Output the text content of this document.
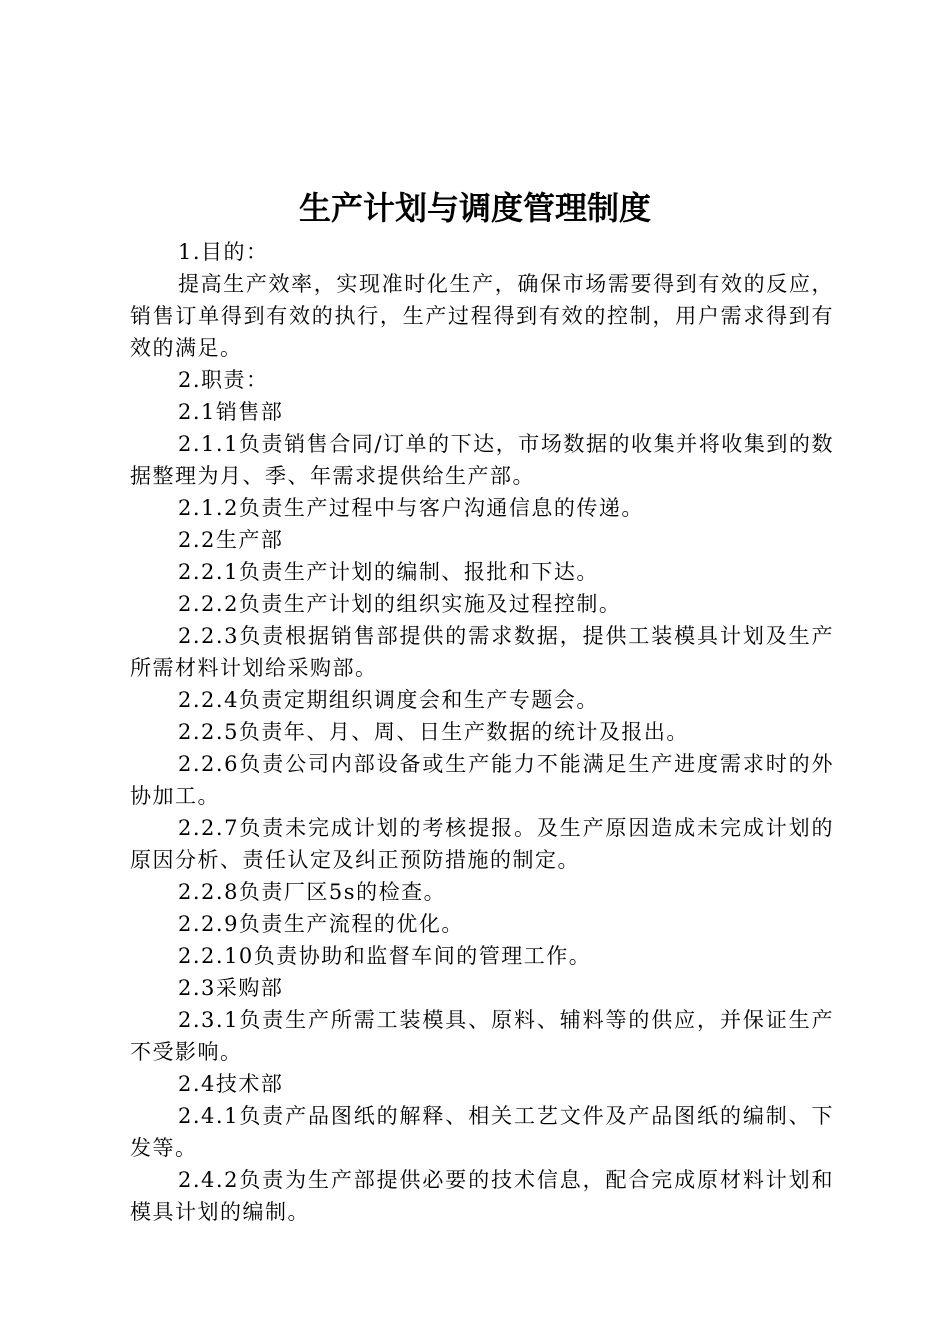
生产计划与调度管理制度

1.目的：

提高生产效率，实现准时化生产，确保市场需要得到有效的反应，销售订单得到有效的执行，生产过程得到有效的控制，用户需求得到有效的满足。

2.职责：

2.1销售部

2.1.1负责销售合同/订单的下达，市场数据的收集并将收集到的数据整理为月、季、年需求提供给生产部。

2.1.2负责生产过程中与客户沟通信息的传递。

2.2生产部

2.2.1负责生产计划的编制、报批和下达。

2.2.2负责生产计划的组织实施及过程控制。

2.2.3负责根据销售部提供的需求数据，提供工装模具计划及生产所需材料计划给采购部。

2.2.4负责定期组织调度会和生产专题会。

2.2.5负责年、月、周、日生产数据的统计及报出。

2.2.6负责公司内部设备或生产能力不能满足生产进度需求时的外协加工。

2.2.7负责未完成计划的考核提报。及生产原因造成未完成计划的原因分析、责任认定及纠正预防措施的制定。

2.2.8负责厂区5s的检查。

2.2.9负责生产流程的优化。

2.2.10负责协助和监督车间的管理工作。

2.3采购部

2.3.1负责生产所需工装模具、原料、辅料等的供应，并保证生产不受影响。

2.4技术部

2.4.1负责产品图纸的解释、相关工艺文件及产品图纸的编制、下发等。

2.4.2负责为生产部提供必要的技术信息，配合完成原材料计划和模具计划的编制。
